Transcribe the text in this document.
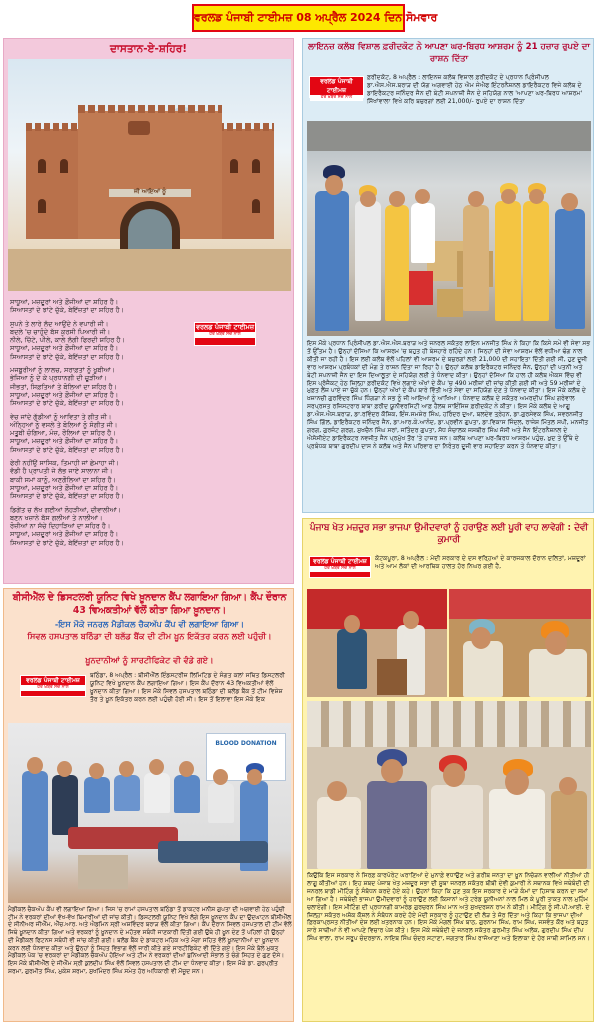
ਵਰਲਡ ਪੰਜਾਬੀ ਟਾਈਮਜ਼ 08 ਅਪ੍ਰੈਲ 2024 ਦਿਨ ਸੋਮਵਾਰ
ਦਾਸਤਾਨ-ਏ-ਸ਼ਹਿਰ!
ਜੀ ਆਇਆਂ ਨੂੰ
ਵਰਲਡ ਪੰਜਾਬੀ ਟਾਈਮਜ਼
ਹਰ ਖ਼ਬਰ ਸੱਚ ਨਾਲ

ਸਾਧੂਆਂ, ਮਜ਼ਦੂਰਾਂ ਅਤੇ ਫ਼ੌਜੀਆਂ ਦਾ ਸ਼ਹਿਰ ਹੈ।

ਸਿਆਸਤਾਂ ਦੇ ਝਾਂਟੇ ਚੁੱਕੇ, ਬੇਇੱਜ਼ਤਾਂ ਦਾ ਸ਼ਹਿਰ ਹੈ।

ਸੁਪਨੇ ਤੇ ਲਾਰੇ ਲੱਦ ਆਉਂਦੇ ਨੇ ਵਪਾਰੀ ਜੀ।

ਬਦਲੇ 'ਚ ਚਾਹੁੰਦੇ ਬੱਸ ਕੁਰਸੀ ਪਿਆਰੀ ਜੀ।

ਨੀਲੇ, ਚਿੱਟੇ, ਪੀਲੇ, ਕਾਲੇ ਲੱਗੀ ਫਿਰਦੀ ਸ਼ਹਿਰ ਹੈ।

ਸਾਧੂਆਂ, ਮਜ਼ਦੂਰਾਂ ਅਤੇ ਫ਼ੌਜੀਆਂ ਦਾ ਸ਼ਹਿਰ ਹੈ।

ਸਿਆਸਤਾਂ ਦੇ ਝਾਂਟੇ ਚੁੱਕੇ, ਬੇਇੱਜ਼ਤਾਂ ਦਾ ਸ਼ਹਿਰ ਹੈ।

ਮਜਬੂਰੀਆਂ ਨੂੰ ਲਾਲਚ, ਸਰਾਫ਼ਤਾਂ ਨੂੰ ਖੂਬੀਆਂ।

ਭੇਜਿਆ ਨੂੰ ਦੇ ਕੇ ਪ੍ਰਧਾਨਗੀ ਦੀ ਚੂੜੀਆਂ।

ਜੀਭਤਾਂ, ਸਿਫ਼ਤਿਆਂ ਤੇ ਬੋਲਿਆਂ ਦਾ ਸ਼ਹਿਰ ਹੈ।

ਸਾਧੂਆਂ, ਮਜ਼ਦੂਰਾਂ ਅਤੇ ਫ਼ੌਜੀਆਂ ਦਾ ਸ਼ਹਿਰ ਹੈ।

ਸਿਆਸਤਾਂ ਦੇ ਝਾਂਟੇ ਚੁੱਕੇ, ਬੇਇੱਜ਼ਤਾਂ ਦਾ ਸ਼ਹਿਰ ਹੈ।

ਵੇਚ ਜਾਂਦੇ ਗੁੱਡੀਆਂ ਨੂੰ ਆਵਿਤਾ ਤੇ ਗੀਤ ਜੀ।

ਅੰਨ੍ਹਿਆਂ ਨੂੰ ਵਸਲੇ ਤੇ ਬੋਲਿਆਂ ਨੂੰ ਸੰਗੀਤ ਜੀ।

ਮਤੂਬੀ ਚੰਗਿਆ, ਮੰਜ਼, ਰੌਲਿਆਂ ਦਾ ਸ਼ਹਿਰ ਹੈ।

ਸਾਧੂਆਂ, ਮਜ਼ਦੂਰਾਂ ਅਤੇ ਫ਼ੌਜੀਆਂ ਦਾ ਸ਼ਹਿਰ ਹੈ।

ਸਿਆਸਤਾਂ ਦੇ ਝਾਂਟੇ ਚੁੱਕੇ, ਬੇਇੱਜ਼ਤਾਂ ਦਾ ਸ਼ਹਿਰ ਹੈ।

ਫੇਰੀ ਨਹੀਂਉਂ ਸਾਸਿਕ, ਤਿਮਾਹੀ ਜਾਂ ਛੇਮਾਹਾ ਜੀ।

ਵੱਡੀ ਹੈ ਪ੍ਰਾਪਤੀ ਜੇ ਲੱਭ ਜਾਏ ਸਾਲਾਨਾ ਜੀ।

ਬਾਕੀ ਸਮਾਂ ਕਾਨੂੰ, ਅਣਗੌਲਿਆਂ ਦਾ ਸ਼ਹਿਰ ਹੈ।

ਸਾਧੂਆਂ, ਮਜ਼ਦੂਰਾਂ ਅਤੇ ਫ਼ੌਜੀਆਂ ਦਾ ਸ਼ਹਿਰ ਹੈ।

ਸਿਆਸਤਾਂ ਦੇ ਝਾਂਟੇ ਚੁੱਕੇ, ਬੇਇੱਜ਼ਤਾਂ ਦਾ ਸ਼ਹਿਰ ਹੈ।

ਡਿਗੇਂਤ ਚ ਲੱਖ ਗਈਆਂ ਲੋਹੜੀਆਂ, ਦੀਵਾਲੀਆਂ।

ਬਣਨ ਖਜ਼ਾਨੇ ਬੱਸ ਗਲੀਆਂ ਤੇ ਨਾਲੀਆਂ।

ਰੋਜ਼ੀਆਂ ਨਾ ਸੱਚੇ ਦਿਹਾੜਿਆਂ ਦਾ ਸ਼ਹਿਰ ਹੈ।

ਸਾਧੂਆਂ, ਮਜ਼ਦੂਰਾਂ ਅਤੇ ਫ਼ੌਜੀਆਂ ਦਾ ਸ਼ਹਿਰ ਹੈ।

ਸਿਆਸਤਾਂ ਦੇ ਝਾਂਟੇ ਚੁੱਕੇ, ਬੇਇੱਜ਼ਤਾਂ ਦਾ ਸ਼ਹਿਰ ਹੈ।

ਲਾਇਨਜ਼ ਕਲੱਬ ਵਿਸ਼ਾਲ ਫ਼ਰੀਦਕੋਟ ਨੇ ਆਪਣਾ ਘਰ-ਬਿਰਧ ਆਸ਼ਰਮ ਨੂੰ 21 ਹਜ਼ਾਰ ਰੁਪਏ ਦਾ ਰਾਸ਼ਨ ਦਿੱਤਾ
ਵਰਲਡ ਪੰਜਾਬੀ ਟਾਈਮਜ਼
ਹਰ ਖ਼ਬਰ ਸੱਚ ਨਾਲ
ਫ਼ਰੀਦਕੋਟ, 8 ਅਪ੍ਰੈਲ : ਲਾਇਨਜ਼ ਕਲੱਬ ਵਿਸ਼ਾਲ ਫ਼ਰੀਦਕੋਟ ਦੇ ਪ੍ਰਧਾਨ ਪ੍ਰਿੰਸੀਪਲ ਡਾ.ਐਸ.ਐਸ.ਬਰਾੜ ਦੀ ਯੋਗ ਅਗਵਾਈ ਹੇਠ ਐਮ ਜੇਐਫ ਇੰਟਰਨੈਸ਼ਨਲ ਡਾਇਰੈਕਟਰ ਵਿਜੇ ਕਲੱਬ ਦੇ ਡਾਇਰੈਕਟਰ ਜਨਿੰਦਰ ਜੈਨ ਦੀ ਬੇਟੀ ਸਪਨਾਜ਼ੀ ਜੈਨ ਦੇ ਸਹਿਯੋਗ ਨਾਲ 'ਆਪਣਾ ਘਰ-ਬਿਰਧ ਆਸ਼ਰਮ' ਸਿੱਖਾਂਵਾਲਾ ਵਿਖੇ ਕਰਿ ਬਜ਼ੁਰਗਾਂ ਲਈ 21,000/- ਰੁਪਏ ਦਾ ਰਾਸ਼ਨ ਦਿੱਤਾ
ਇਸ ਮੌਕੇ ਪ੍ਰਧਾਨ ਪ੍ਰਿੰਸੀਪਲ ਡਾ.ਐਸ.ਐਸ.ਬਰਾੜ ਅਤੇ ਜਨਰਲ ਸਕੱਤਰ ਲਾਇਨ ਮਨਜੀਤ ਸਿੰਘ ਨੇ ਕਿਹਾ ਕਿ ਕਿਸੇ ਸਮੇਂ ਵੀ ਸੇਵਾ ਸਭ ਤੋਂ ਉੱਤਮ ਹੈ। ਉਨ੍ਹਾਂ ਦੱਸਿਆ ਕਿ ਆਸ਼ਰਮ 'ਚ ਬਹੁਤ ਹੀ ਬੇਸਹਾਰੇ ਰਹਿੰਦੇ ਹਨ। ਜਿਨ੍ਹਾਂ ਦੀ ਸੇਵਾ ਆਸ਼ਰਮ ਵੱਲੋਂ ਵਧੀਆ ਢੰਗ ਨਾਲ ਕੀਤੀ ਜਾ ਰਹੀ ਹੈ। ਇਸ ਲਈ ਕਲੱਬ ਵੱਲੋਂ ਪਹਿਲਾਂ ਵੀ ਆਸ਼ਰਮ ਦੇ ਬਜ਼ੁਰਗਾਂ ਲਈ 21,000 ਦੀ ਸਹਾਇਤਾ ਦਿੱਤੀ ਗਈ ਸੀ, ਹੁਣ ਦੂਜੀ ਵਾਰ ਆਸ਼ਰਮ ਪ੍ਰਬੰਧਕਾਂ ਦੀ ਮੰਗ ਤੇ ਰਾਸ਼ਨ ਦਿੱਤਾ ਜਾ ਰਿਹਾ ਹੈ। ਉਨ੍ਹਾਂ ਕਲੱਬ ਡਾਇਰੈਕਟਰ ਜਨਿੰਦਰ ਜੈਨ, ਉਨ੍ਹਾਂ ਦੀ ਪਤਨੀ ਅਤੇ ਬੇਟੀ ਸਪਨਾਜ਼ੀ ਜੈਨ ਦਾ ਇਸ ਦਿਆਲੂਤਾ ਦੇ ਸਹਿਯੋਗ ਲਈ ਤੇ ਧੰਨਵਾਦ ਕੀਤਾ। ਉਨ੍ਹਾਂ ਦੱਸਿਆ ਕਿ ਹਾਲ ਹੀ ਕਲੱਬ ਐਕਸ ਵਿੱਚ ਵੀ ਇਸ ਪ੍ਰੋਜੈਕਟ ਹੇਠ ਜ਼ਿਲ੍ਹਾ ਫ਼ਰੀਦਕੋਟ ਵਿਖੇ ਲਗਾਏ ਅੱਖਾਂ ਦੇ ਕੈਂਪ 'ਚ 490 ਮਰੀਜ਼ਾਂ ਦੀ ਜਾਂਚ ਕੀਤੀ ਗਈ ਸੀ ਅਤੇ 59 ਮਰੀਜ਼ਾਂ ਦੇ ਮੁਫ਼ਤ ਲੈਂਜ਼ ਪਾਏ ਜਾ ਚੁੱਕੇ ਹਨ। ਉਨ੍ਹਾਂ ਅੱਖਾਂ ਦੇ ਕੈਂਪ ਬਾਰੇ ਵਿੱਤੀ ਅਤੇ ਸੇਵਾ ਦਾ ਸਹਿਯੋਗ ਦੇਣ ਤੇ ਧੰਨਵਾਦ ਕੀਤਾ। ਇਸ ਮੌਕੇ ਕਲੱਬ ਦੇ ਖ਼ਜ਼ਾਨਚੀ ਗੁਰਵਿੰਦਰ ਸਿੰਘ ਧਿੰਗੜਾ ਨੇ ਸਭ ਨੂੰ ਜੀ ਆਇਆਂ ਨੂੰ ਆਖਿਆ। ਧੰਨਵਾਦ ਕਲੱਬ ਦੇ ਸਕੱਤਰ ਅਮਰਦੀਪ ਸਿੰਘ ਗਰੇਵਾਲ ਸਰਪ੍ਰਸਤ ਰਜਿਸਟਰਾਰ ਬਾਬਾ ਫ਼ਰੀਦ ਯੂਨੀਵਰਸਿਟੀ ਆਫ਼ ਹੈਲਥ ਸਾਇੰਸਿਜ਼ ਫ਼ਰੀਦਕੋਟ ਨੇ ਕੀਤਾ। ਇਸ ਮੌਕੇ ਕਲੱਬ ਦੇ ਆਗੂ ਡਾ.ਐਸ.ਐਸ.ਬਰਾੜ, ਡਾ.ਰਵਿੰਦਰ ਕੌਸ਼ਿਕ, ਇੰਜ.ਸਮਸ਼ੇਰ ਸਿੰਘ, ਹਰਿੰਦਰ ਦੁਆ, ਬਲਦੇਵ ਤ੍ਰੇਹਨ, ਡਾ.ਗੁਰਸੇਵਕ ਸਿੰਘ, ਸਵਰਨਜੀਤ ਸਿੰਘ ਗਿੱਲ, ਡਾਇਰੈਕਟਰ ਜਨਿੰਦਰ ਜੈਨ, ਡਾ.ਆਰ.ਕੇ.ਆਨੰਦ, ਡਾ.ਪ੍ਰਵੀਨ ਗੁਪਤਾ, ਡਾ.ਵਿਕਾਸ ਜਿੰਦਲ, ਰਾਜੇਸ਼ ਮਿੱਤਲ ਸਪੀ, ਮਨਜੀਤ ਗਰਗ, ਗੁਰਜੰਟ ਗਰਗ, ਸੁਖਚੈਨ ਸਿੰਘ ਸਰਾਂ, ਜਤਿੰਦਰ ਗੁਪਤਾ, ਸੱਧ ਸੰਚਾਲਕ ਜਸਬੀਰ ਸਿੰਘ ਜੱਸੀ ਅਤੇ ਜੈਨ ਇੰਟਰਨੈਸ਼ਨਲ ਦੇ ਐਸੋਸੀਏਟ ਡਾਇਰੈਕਟਰ ਨਵਜੀਤ ਜੈਨ ਪ੍ਰਮੁੱਖ ਤੌਰ 'ਤੇ ਹਾਜ਼ਰ ਸਨ। ਕਲੱਬ ਆਪਣਾ ਘਰ-ਬਿਰਧ ਆਸ਼ਰਮ ਪਹੁੰਚ, ਖ਼ੁਦ ਤੇ ਉੱਥੇ ਦੇ ਪ੍ਰਬੰਧਕ ਬਾਬਾ ਗੁਰਦੀਪ ਦਾਸ ਨੇ ਕਲੱਬ ਅਤੇ ਜੈਨ ਪਰਿਵਾਰ ਦਾ ਨਿਰੰਤਰ ਦੂਜੀ ਵਾਰ ਸਹਾਇਤਾ ਕਰਨ ਤੇ ਧੰਨਵਾਦ ਕੀਤਾ।
ਪੰਜਾਬ ਖੇਤ ਮਜ਼ਦੂਰ ਸਭਾ ਭਾਜਪਾ ਉਮੀਦਵਾਰਾਂ ਨੂੰ ਹਰਾਉਣ ਲਈ ਪੂਰੀ ਵਾਹ ਲਾਵੇਗੀ : ਦੇਵੀ ਕੁਮਾਰੀ
ਵਰਲਡ ਪੰਜਾਬੀ ਟਾਈਮਜ਼
ਹਰ ਖ਼ਬਰ ਸੱਚ ਨਾਲ
ਕੋਟਕਪੂਰਾ, 8 ਅਪ੍ਰੈਲ : ਮੋਦੀ ਸਰਕਾਰ ਦੇ ਦਸ ਵਰ੍ਹਿਆਂ ਦੇ ਕਾਰਜਕਾਲ ਦੌਰਾਨ ਦਲਿਤਾਂ, ਮਜ਼ਦੂਰਾਂ ਅਤੇ ਆਮ ਲੋਕਾਂ ਦੀ ਆਰਥਿਕ ਹਾਲਤ ਹੋਰ ਨਿਘਰ ਗਈ ਹੈ,
ਕਿਉਂਕਿ ਇਸ ਸਰਕਾਰ ਨੇ ਸਿਰਫ਼ ਕਾਰਪੋਰੇਟ ਘਰਾਣਿਆਂ ਦੇ ਮੁਨਾਫ਼ੇ ਵਧਾਉਣ ਅਤੇ ਗਰੀਬ ਜਨਤਾ ਦਾ ਖ਼ੂਨ ਨਿਚੋੜਨ ਵਾਲੀਆਂ ਨੀਤੀਆਂ ਹੀ ਲਾਗੂ ਕੀਤੀਆਂ ਹਨ। ਇਹ ਸ਼ਬਦ ਪੰਜਾਬ ਖੇਤ ਮਜ਼ਦੂਰ ਸਭਾ ਦੀ ਸੂਬਾ ਜਨਰਲ ਸਕੱਤਰ ਬੀਬੀ ਦੇਵੀ ਕੁਮਾਰੀ ਨੇ ਸਥਾਨਕ ਵਿਖੇ ਜਥੇਬੰਦੀ ਦੀ ਜਨਰਲ ਬਾਡੀ ਮੀਟਿੰਗ ਨੂੰ ਸੰਬੋਧਨ ਕਰਦੇ ਹੋਏ ਕਹੇ। ਉਹਨਾਂ ਕਿਹਾ ਕਿ ਹੁਣ ਤਕ ਇਸ ਸਰਕਾਰ ਦੇ ਮਾੜੇ ਕੰਮਾਂ ਦਾ ਹਿਸਾਬ ਕਰਨ ਦਾ ਸਮਾਂ ਆ ਗਿਆ ਹੈ। ਜਥੇਬੰਦੀ ਭਾਜਪਾ ਉਮੀਦਵਾਰਾਂ ਨੂੰ ਹਰਾਉਣ ਲਈ ਕਿਸਾਨਾਂ ਅਤੇ ਟਰੇਡ ਯੂਨੀਅਨਾਂ ਨਾਲ ਮਿਲ ਕੇ ਪੂਰੀ ਤਾਕਤ ਨਾਲ ਮੁਹਿੰਮ ਚਲਾਏਗੀ। ਇਸ ਮੀਟਿੰਗ ਦੀ ਪ੍ਰਧਾਨਗੀ ਕਾਮਰੇਡ ਗੁਰਚਰਨ ਸਿੰਘ ਮਾਨ ਅਤੇ ਸੁਖਦਰਸ਼ਨ ਰਾਮ ਨੇ ਕੀਤੀ। ਮੀਟਿੰਗ ਨੂੰ ਸੀ.ਪੀ.ਆਈ. ਦੇ ਜ਼ਿਲ੍ਹਾ ਸਕੱਤਰ ਅਸ਼ੋਕ ਕੌਸ਼ਲ ਨੇ ਸੰਬੋਧਨ ਕਰਦੇ ਹੋਏ ਮੋਦੀ ਸਰਕਾਰ ਨੂੰ ਹਟਾਉਣ ਦੀ ਲੋੜ ਤੇ ਜ਼ੋਰ ਦਿੱਤਾ ਅਤੇ ਕਿਹਾ ਕਿ ਭਾਜਪਾ ਦੀਆਂ ਫ਼ਿਰਕਾਪ੍ਰਸਤ ਨੀਤੀਆਂ ਦੇਸ਼ ਲਈ ਖ਼ਤਰਨਾਕ ਹਨ। ਇਸ ਮੌਕੇ ਮੰਗਲ ਸਿੰਘ ਬਾਠ, ਗੁਰਨਾਮ ਸਿੰਘ, ਰਾਮ ਸਿੰਘ, ਜਸਵੰਤ ਕੌਰ ਅਤੇ ਬਹੁਤ ਸਾਰੇ ਸਾਥੀਆਂ ਨੇ ਵੀ ਆਪਣੇ ਵਿਚਾਰ ਪੇਸ਼ ਕੀਤੇ। ਇਸ ਮੌਕੇ ਜਥੇਬੰਦੀ ਦੇ ਜਨਰਲ ਸਕੱਤਰ ਗੁਰਮੀਤ ਸਿੰਘ ਅਲੋਕ, ਗੁਰਦੀਪ ਸਿੰਘ ਦੀਪ ਸਿੰਘ ਵਾਲਾ, ਰਾਮ ਸਰੂਪ ਚੰਦਰਭਾਨ, ਨਾਇਬ ਸਿੰਘ ਚੰਦਰ ਸਟਾਣਾ, ਜਗਤਾਰ ਸਿੰਘ ਰਾਜੋਆਣਾ ਅਤੇ ਇਲਾਕਾ ਦੇ ਹੋਰ ਸਾਥੀ ਸ਼ਾਮਿਲ ਸਨ।
ਬੀਸੀਐੱਲ ਦੇ ਡਿਸਟਲਰੀ ਯੂਨਿਟ ਵਿਖੇ ਖ਼ੂਨਦਾਨ ਕੈਂਪ ਲਗਾਇਆ ਗਿਆ। ਕੈਂਪ ਦੌਰਾਨ 43 ਵਿਅਕਤੀਆਂ ਵੱਲੋਂ ਕੀਤਾ ਗਿਆ ਖ਼ੂਨਦਾਨ।
-ਇਸ ਮੌਕੇ ਜਨਰਲ ਮੈਡੀਕਲ ਚੈਕਅੱਪ ਕੈਂਪ ਵੀ ਲਗਾਇਆ ਗਿਆ।
ਸਿਵਲ ਹਸਪਤਾਲ ਬਠਿੰਡਾ ਦੀ ਬਲੱਡ ਬੈਂਕ ਦੀ ਟੀਮ ਖ਼ੂਨ ਇਕੱਤਰ ਕਰਨ ਲਈ ਪਹੁੰਚੀ।
ਖ਼ੂਨਦਾਨੀਆਂ ਨੂੰ ਸਾਰਟੀਫਿਕੇਟ ਵੀ ਵੰਡੇ ਗਏ।
ਵਰਲਡ ਪੰਜਾਬੀ ਟਾਈਮਜ਼
ਹਰ ਖ਼ਬਰ ਸੱਚ ਨਾਲ
ਬਠਿੰਡਾ, 8 ਅਪ੍ਰੈਲ : ਬੀਸੀਐੱਲ ਇੰਡਸਟਰੀਜ਼ ਲਿਮਿਟਿਡ ਦੇ ਸੰਗਤ ਕਲਾਂ ਸਥਿਤ ਡਿਸਟਲਰੀ ਯੂਨਿਟ ਵਿਖੇ ਖ਼ੂਨਦਾਨ ਕੈਂਪ ਲਗਾਇਆ ਗਿਆ। ਇਸ ਕੈਂਪ ਦੌਰਾਨ 43 ਵਿਅਕਤੀਆਂ ਵੱਲੋਂ ਖ਼ੂਨਦਾਨ ਕੀਤਾ ਗਿਆ। ਇਸ ਮੌਕੇ ਸਿਵਲ ਹਸਪਤਾਲ ਬਠਿੰਡਾ ਦੀ ਬਲੱਡ ਬੈਂਕ ਤੋਂ ਟੀਮ ਵਿਸ਼ੇਸ਼ ਤੌਰ ਤੇ ਖ਼ੂਨ ਇਕੱਤਰ ਕਰਨ ਲਈ ਪਹੁੰਚੀ ਹੋਈ ਸੀ। ਇਸ ਤੋਂ ਇਲਾਵਾ ਇਸ ਮੌਕੇ ਇਕ
BLOOD DONATION
ਮੈਡੀਕਲ ਚੈਕਅੱਪ ਕੈਂਪ ਵੀ ਲਗਾਇਆ ਗਿਆ। ਜਿਸ 'ਚ ਰਾਮਾਂ ਹਸਪਤਾਲ ਬਠਿੰਡਾ ਤੋਂ ਡਾਕਟਰ ਮਨੀਸ਼ ਗੁਪਤਾ ਦੀ ਅਗਵਾਈ ਹੇਠ ਪਹੁੰਚੀ ਟੀਮ ਨੇ ਵਰਕਰਾਂ ਦੀਆਂ ਵੱਖ-ਵੱਖ ਬਿਮਾਰੀਆਂ ਦੀ ਜਾਂਚ ਕੀਤੀ। ਡਿਸਟਲਰੀ ਯੂਨਿਟ ਵਿਖੇ ਲੱਗੇ ਇਸ ਖ਼ੂਨਦਾਨ ਕੈਂਪ ਦਾ ਉਦਘਾਟਨ ਬੀਸੀਐੱਲ ਦੇ ਸੀਨੀਅਰ ਜੀਐੱਮ, ਐੱਚ.ਆਰ. ਅਤੇ ਐਡਮਿਨ ਸ੍ਰੀ ਅਸ਼ਵਿੰਦਰ ਬਰਾੜ ਵੱਲੋਂ ਕੀਤਾ ਗਿਆ। ਕੈਂਪ ਦੌਰਾਨ ਸਿਵਲ ਹਸਪਤਾਲ ਦੀ ਟੀਮ ਵੱਲੋਂ ਜਿਥੇ ਖ਼ੂਨਦਾਨ ਕੀਤਾ ਗਿਆ ਅਤੇ ਵਰਕਰਾਂ ਨੂੰ ਖ਼ੂਨਦਾਨ ਦੇ ਮਹੱਤਵ ਸਬੰਧੀ ਜਾਣਕਾਰੀ ਦਿੱਤੀ ਗਈ ਉਥੇ ਹੀ ਖ਼ੂਨ ਦੇਣ ਤੋਂ ਪਹਿਲਾਂ ਹੀ ਉਨ੍ਹਾਂ ਦੀ ਮੈਡੀਕਲ ਫਿਟਨਸ ਸਬੰਧੀ ਵੀ ਜਾਂਚ ਕੀਤੀ ਗਈ। ਬਲੱਡ ਬੈਂਕ ਦੇ ਡਾਕਟਰ ਮਹਿਕ ਅਤੇ ਮੋਗਾ ਸਹਿਤ ਵੱਲੋਂ ਖ਼ੂਨਦਾਨੀਆਂ ਦਾ ਖ਼ੂਨਦਾਨ ਕਰਨ ਲਈ ਧੰਨਵਾਦ ਕੀਤਾ ਅਤੇ ਉਨ੍ਹਾਂ ਨੂੰ ਸਿਹਤ ਵਿਭਾਗ ਵੱਲੋਂ ਜਾਰੀ ਕੀਤੇ ਗਏ ਸਾਰਟੀਫਿਕੇਟ ਵੀ ਦਿੱਤੇ ਗਏ। ਇਸ ਮੌਕੇ ਬੋਲੇ ਮੁਕਤ ਮੈਡੀਕਲ ਪੋਕ 'ਚ ਵਰਕਰਾਂ ਦਾ ਮੈਡੀਕਲ ਚੈਕਅੱਪ ਹੋਇਆ ਅਤੇ ਟੀਮ ਨੇ ਵਰਕਰਾਂ ਦੀਆਂ ਬੁਨਿਆਦੀ ਸੰਭਾਲ ਤੇ ਚੰਗੇ ਸਿਹਤ ਦੇ ਗੁਣ ਦੱਸੇ। ਇਸ ਮੌਕੇ ਬੀਸੀਐੱਲ ਦੇ ਜੀਐੱਮ ਸ੍ਰੀ ਕੁਲਦੀਪ ਸਿੰਘ ਵੱਲੋਂ ਸਿਵਲ ਹਸਪਤਾਲ ਦੀ ਟੀਮ ਦਾ ਧੰਨਵਾਦ ਕੀਤਾ। ਇਸ ਮੌਕੇ ਡਾ. ਗੁਰਪ੍ਰੀਤ ਸ਼ਰਮਾ, ਗੁਰਮੀਤ ਸਿੰਘ, ਮੁਕੇਸ਼ ਸ਼ਰਮਾ, ਸੁਖਮਿੰਦਰ ਸਿੰਘ ਸਮੇਤ ਹੋਰ ਅਧਿਕਾਰੀ ਵੀ ਮੌਜੂਦ ਸਨ।
